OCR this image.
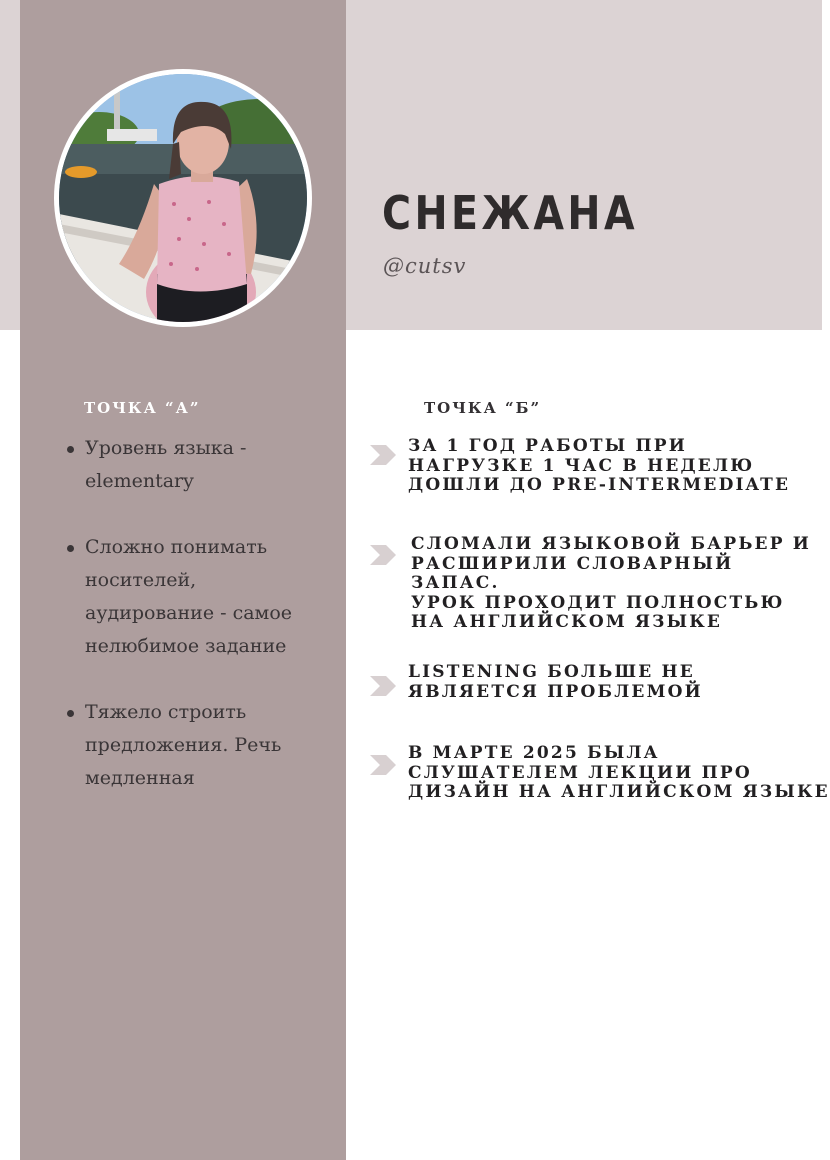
СНЕЖАНА
@cutsv
ТОЧКА “А”	ТОЧКА “Б”
Уровень языка -
elementary
Сложно понимать
носителей,
аудирование - самое
нелюбимое задание
Тяжело строить
предложения. Речь
медленная
ЗА 1 ГОД РАБОТЫ ПРИ
НАГРУЗКЕ 1 ЧАС В НЕДЕЛЮ
ДОШЛИ ДО PRE-INTERMEDIATE
СЛОМАЛИ ЯЗЫКОВОЙ БАРЬЕР И
РАСШИРИЛИ СЛОВАРНЫЙ
ЗАПАС.
УРОК ПРОХОДИТ ПОЛНОСТЬЮ
НА АНГЛИЙСКОМ ЯЗЫКЕ
LISTENING БОЛЬШЕ НЕ
ЯВЛЯЕТСЯ ПРОБЛЕМОЙ
В МАРТЕ 2025 БЫЛА
СЛУШАТЕЛЕМ ЛЕКЦИИ ПРО
ДИЗАЙН НА АНГЛИЙСКОМ ЯЗЫКЕ
